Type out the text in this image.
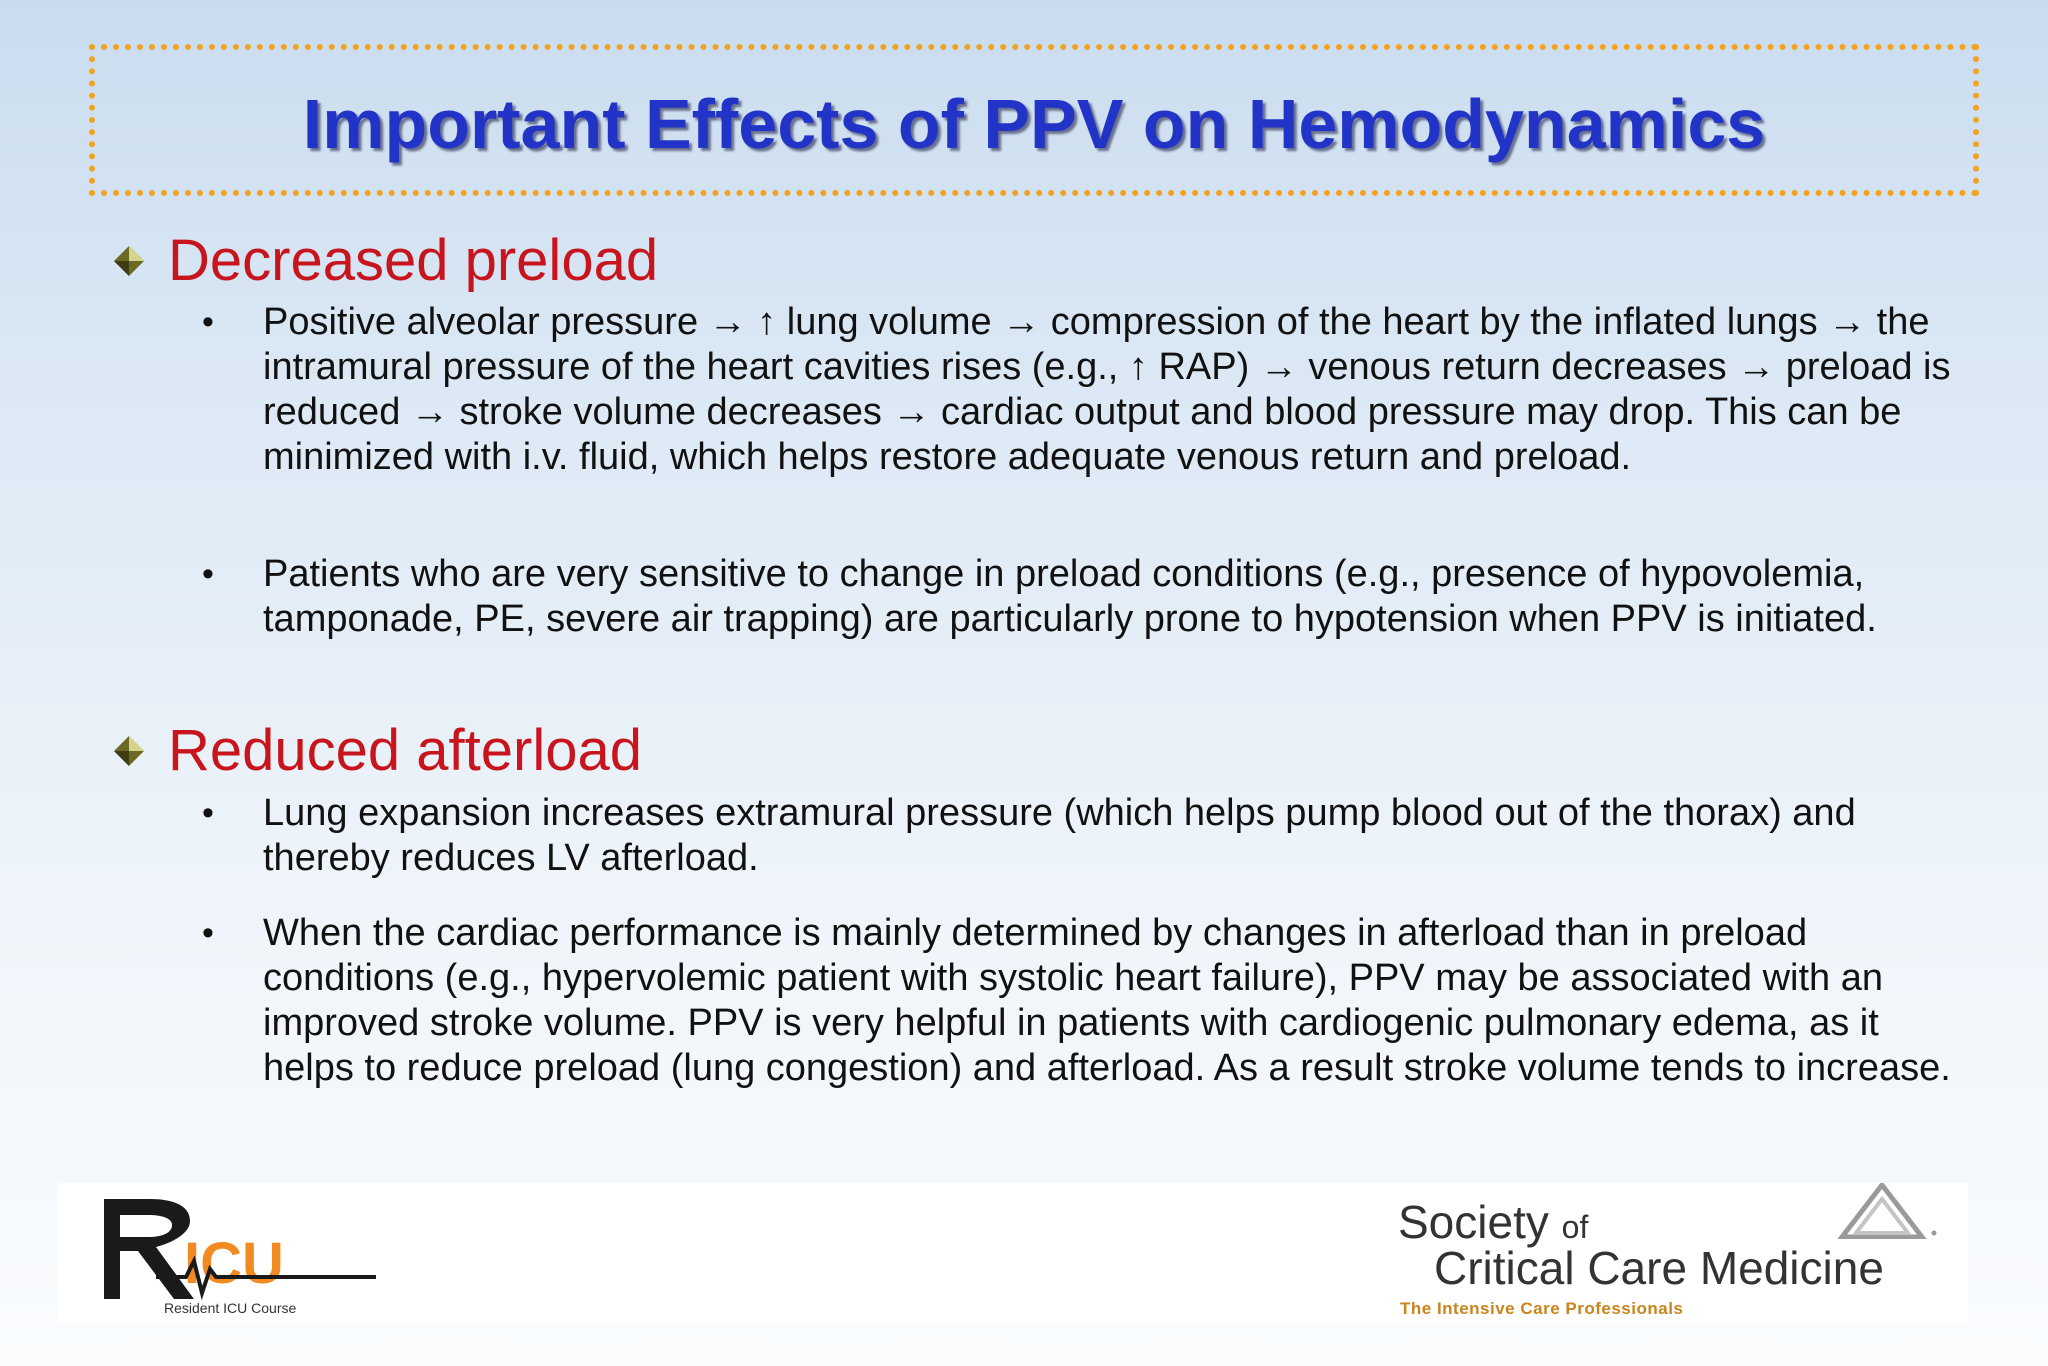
Important Effects of PPV on Hemodynamics
Decreased preload
• Positive alveolar pressure → ↑ lung volume → compression of the heart by the inflated lungs → the intramural pressure of the heart cavities rises (e.g., ↑ RAP) → venous return decreases → preload is reduced → stroke volume decreases → cardiac output and blood pressure may drop. This can be minimized with i.v. fluid, which helps restore adequate venous return and preload.
• Patients who are very sensitive to change in preload conditions (e.g., presence of hypovolemia, tamponade, PE, severe air trapping) are particularly prone to hypotension when PPV is initiated.
Reduced afterload
• Lung expansion increases extramural pressure (which helps pump blood out of the thorax) and thereby reduces LV afterload.
• When the cardiac performance is mainly determined by changes in afterload than in preload conditions (e.g., hypervolemic patient with systolic heart failure), PPV may be associated with an improved stroke volume. PPV is very helpful in patients with cardiogenic pulmonary edema, as it helps to reduce preload (lung congestion) and afterload. As a result stroke volume tends to increase.
ICU
Resident ICU Course
Society of
Critical Care Medicine
The Intensive Care Professionals
